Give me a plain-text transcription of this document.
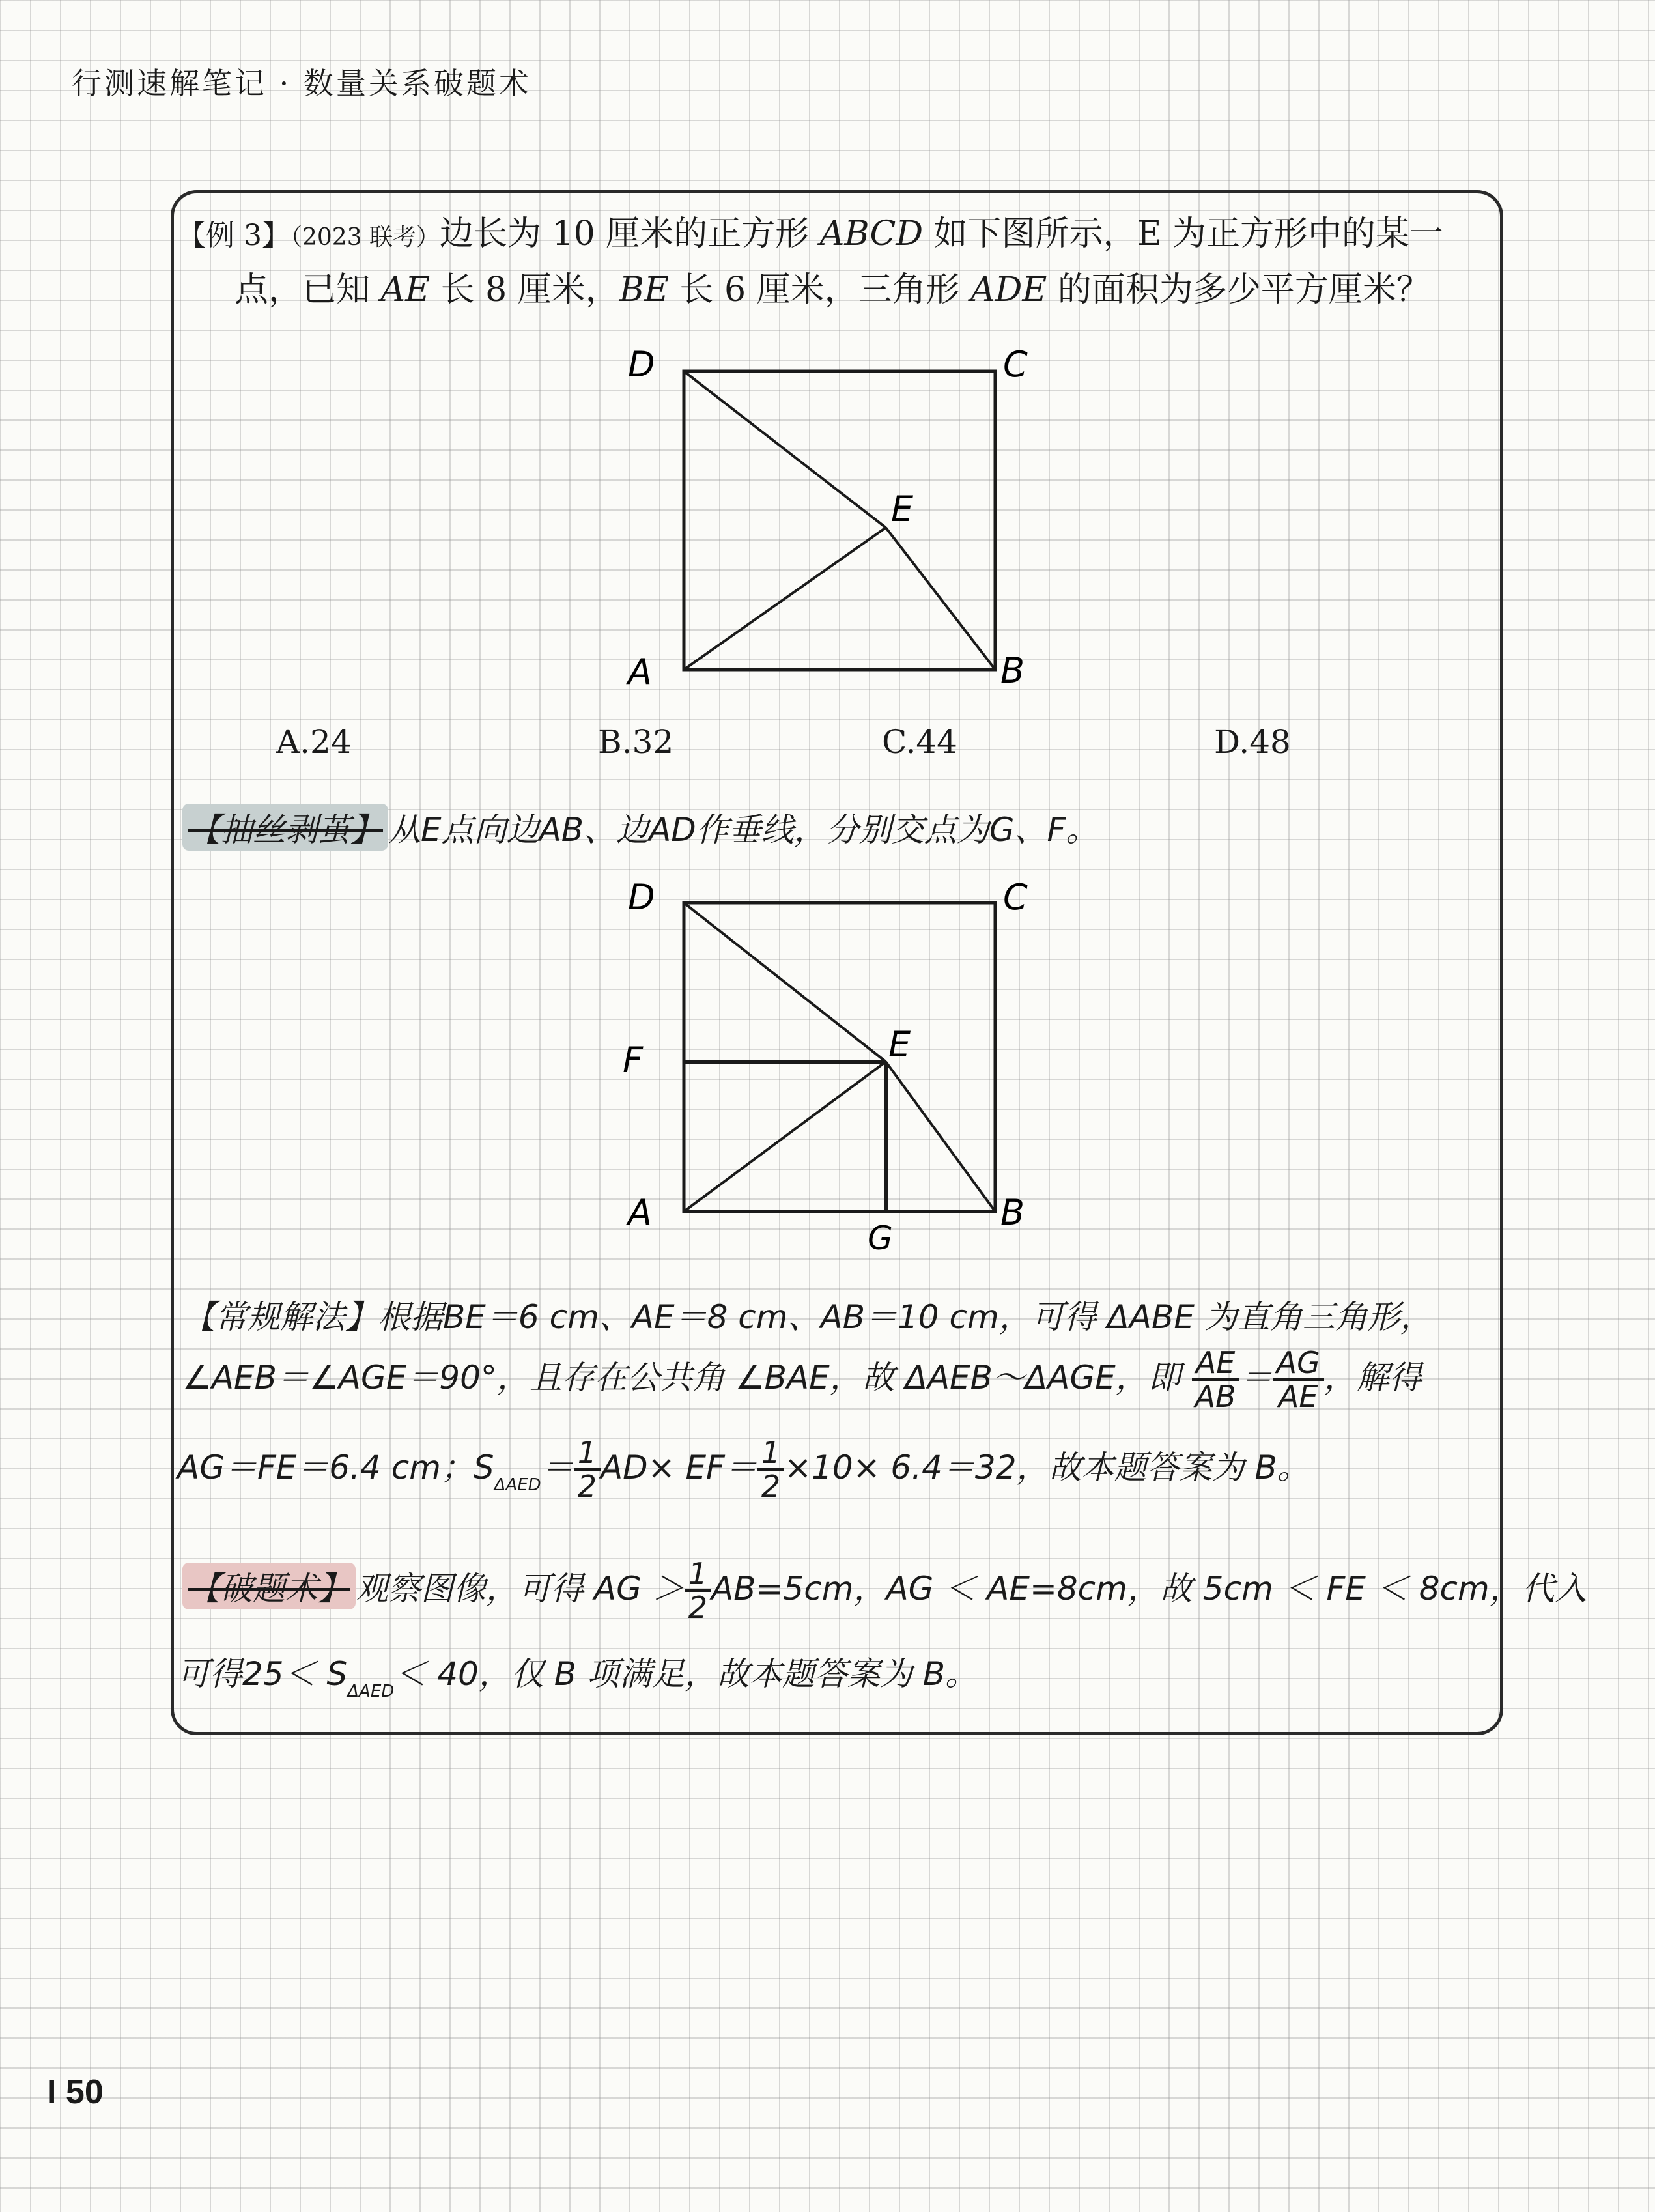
行测速解笔记 · 数量关系破题术
【例 3】（2023 联考）边长为 10 厘米的正方形 ABCD 如下图所示，E 为正方形中的某一
点，已知 AE 长 8 厘米，BE 长 6 厘米，三角形 ADE 的面积为多少平方厘米？
D	C
E
A	B
A.24	B.32	C.44	D.48
【抽丝剥茧】 从E点向边AB、边AD作垂线，分别交点为G、F。
D	C
F	E
A	B
G
【常规解法】根据BE＝6 cm、AE＝8 cm、AB＝10 cm，可得 ΔABE 为直角三角形，
∠AEB＝∠AGE＝90°，且存在公共角 ∠BAE，故 ΔAEB～ΔAGE，即 $\frac{AE}{AB} = \frac{AG}{AE}$ ，解得
AG＝FE＝6.4 cm；$S_{\Delta AED}= \frac{1}{2} AD\times EF= \frac{1}{2} \times 10\times 6.4=32$，故本题答案为 B。
【破题术】 观察图像，可得 AG ＞ $\frac{1}{2} AB=5cm$，AG ＜ AE=8cm，故 5cm ＜ FE ＜ 8cm，代入
可得$25< S_{\Delta AED}< 40$，仅 B 项满足，故本题答案为 B。
I 50
